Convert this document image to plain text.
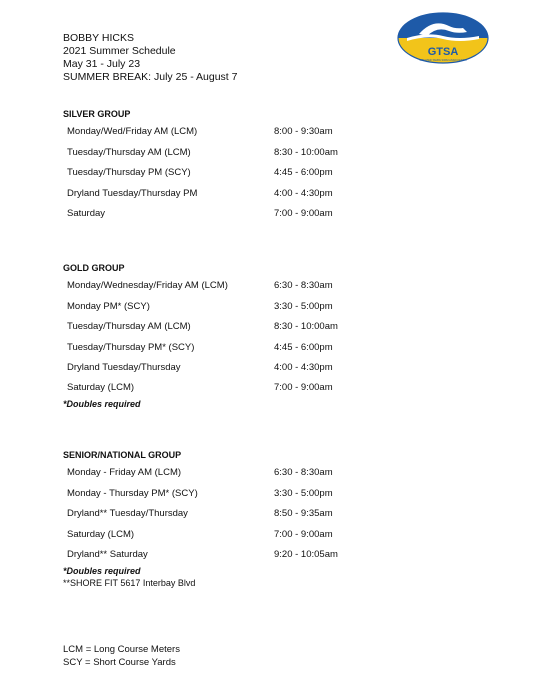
BOBBY HICKS
2021 Summer Schedule
May 31 - July 23
SUMMER BREAK: July 25 - August 7
GTSA
GREATER TAMPA SWIM ASSOCIATION
SILVER GROUP
Monday/Wed/Friday AM (LCM)	8:00 - 9:30am
Tuesday/Thursday AM (LCM)	8:30 - 10:00am
Tuesday/Thursday PM (SCY)	4:45 - 6:00pm
Dryland Tuesday/Thursday PM	4:00 - 4:30pm
Saturday	7:00 - 9:00am
GOLD GROUP
Monday/Wednesday/Friday AM (LCM)	6:30 - 8:30am
Monday PM* (SCY)	3:30 - 5:00pm
Tuesday/Thursday AM (LCM)	8:30 - 10:00am
Tuesday/Thursday PM* (SCY)	4:45 - 6:00pm
Dryland Tuesday/Thursday	4:00 - 4:30pm
Saturday (LCM)	7:00 - 9:00am
*Doubles required
SENIOR/NATIONAL GROUP
Monday - Friday AM (LCM)	6:30 - 8:30am
Monday - Thursday PM* (SCY)	3:30 - 5:00pm
Dryland** Tuesday/Thursday	8:50 - 9:35am
Saturday (LCM)	7:00 - 9:00am
Dryland** Saturday	9:20 - 10:05am
*Doubles required
**SHORE FIT 5617 Interbay Blvd
LCM = Long Course Meters
SCY = Short Course Yards
